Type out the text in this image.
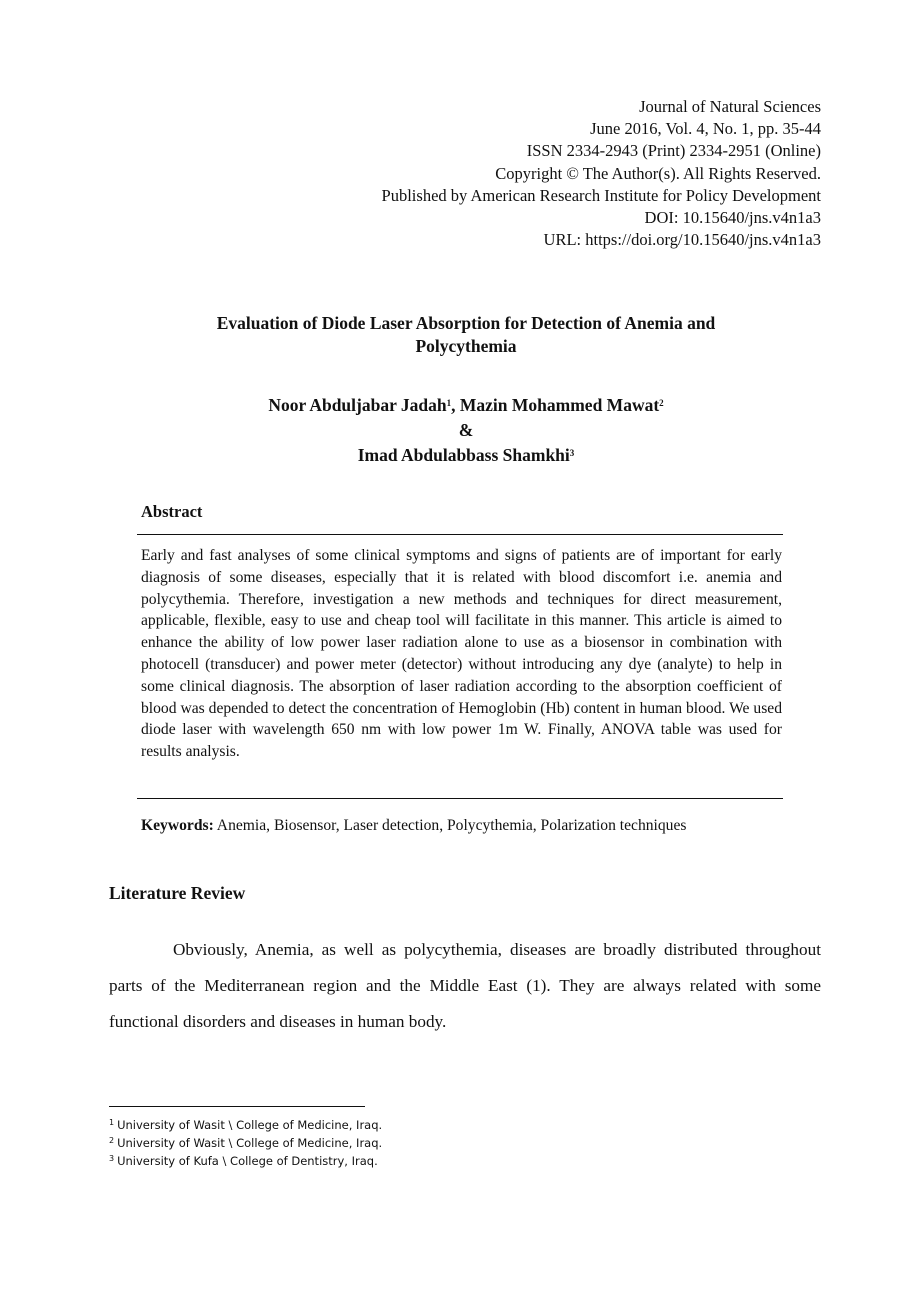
Journal of Natural Sciences
June 2016, Vol. 4, No. 1, pp. 35-44
ISSN 2334-2943 (Print) 2334-2951 (Online)
Copyright © The Author(s). All Rights Reserved.
Published by American Research Institute for Policy Development
DOI: 10.15640/jns.v4n1a3
URL: https://doi.org/10.15640/jns.v4n1a3
Evaluation of Diode Laser Absorption for Detection of Anemia and
Polycythemia
Noor Abduljabar Jadah$^1$, Mazin Mohammed Mawat$^2$
&
Imad Abdulabbass Shamkhi$^3$
Abstract
Early and fast analyses of some clinical symptoms and signs of patients are of important for early diagnosis of some diseases, especially that it is related with blood discomfort i.e. anemia and polycythemia. Therefore, investigation a new methods and techniques for direct measurement, applicable, flexible, easy to use and cheap tool will facilitate in this manner. This article is aimed to enhance the ability of low power laser radiation alone to use as a biosensor in combination with photocell (transducer) and power meter (detector) without introducing any dye (analyte) to help in some clinical diagnosis. The absorption of laser radiation according to the absorption coefficient of blood was depended to detect the concentration of Hemoglobin (Hb) content in human blood. We used diode laser with wavelength 650 nm with low power 1m W. Finally, ANOVA table was used for results analysis.
Keywords: Anemia, Biosensor, Laser detection, Polycythemia, Polarization techniques
Literature Review
Obviously, Anemia, as well as polycythemia, diseases are broadly distributed throughout parts of the Mediterranean region and the Middle East (1). They are always related with some functional disorders and diseases in human body.
$^1$ University of Wasit \ College of Medicine, Iraq.
$^2$ University of Wasit \ College of Medicine, Iraq.
$^3$ University of Kufa \ College of Dentistry, Iraq.
